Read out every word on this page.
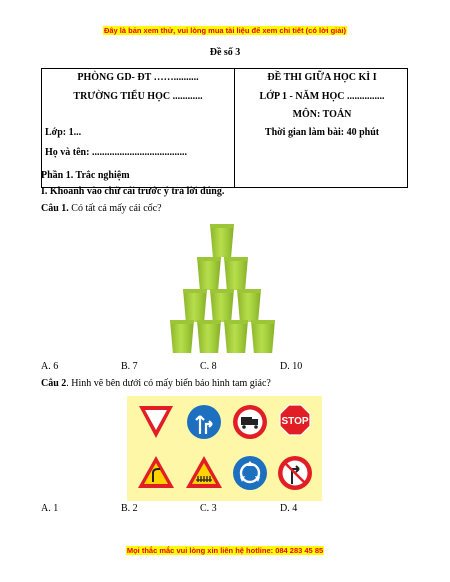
Đây là bản xem thử, vui lòng mua tài liệu để xem chi tiết (có lời giải)
Đề số 3
PHÒNG GD- ĐT ……..........
TRƯỜNG TIỂU HỌC ............
Lớp: 1...
Họ và tên: ......................................

ĐỀ THI GIỮA HỌC KÌ I
LỚP 1 - NĂM HỌC ...............
MÔN: TOÁN
Thời gian làm bài: 40 phút
Phần 1. Trắc nghiệm
I. Khoanh vào chữ cái trước ý trả lời đúng.
Câu 1. Có tất cả mấy cái cốc?
A. 6	B. 7	C. 8	D. 10
Câu 2. Hình vẽ bên dưới có mấy biển báo hình tam giác?
STOP
A. 1	B. 2	C. 3	D. 4
Mọi thắc mắc vui lòng xin liên hệ hotline: 084 283 45 85
